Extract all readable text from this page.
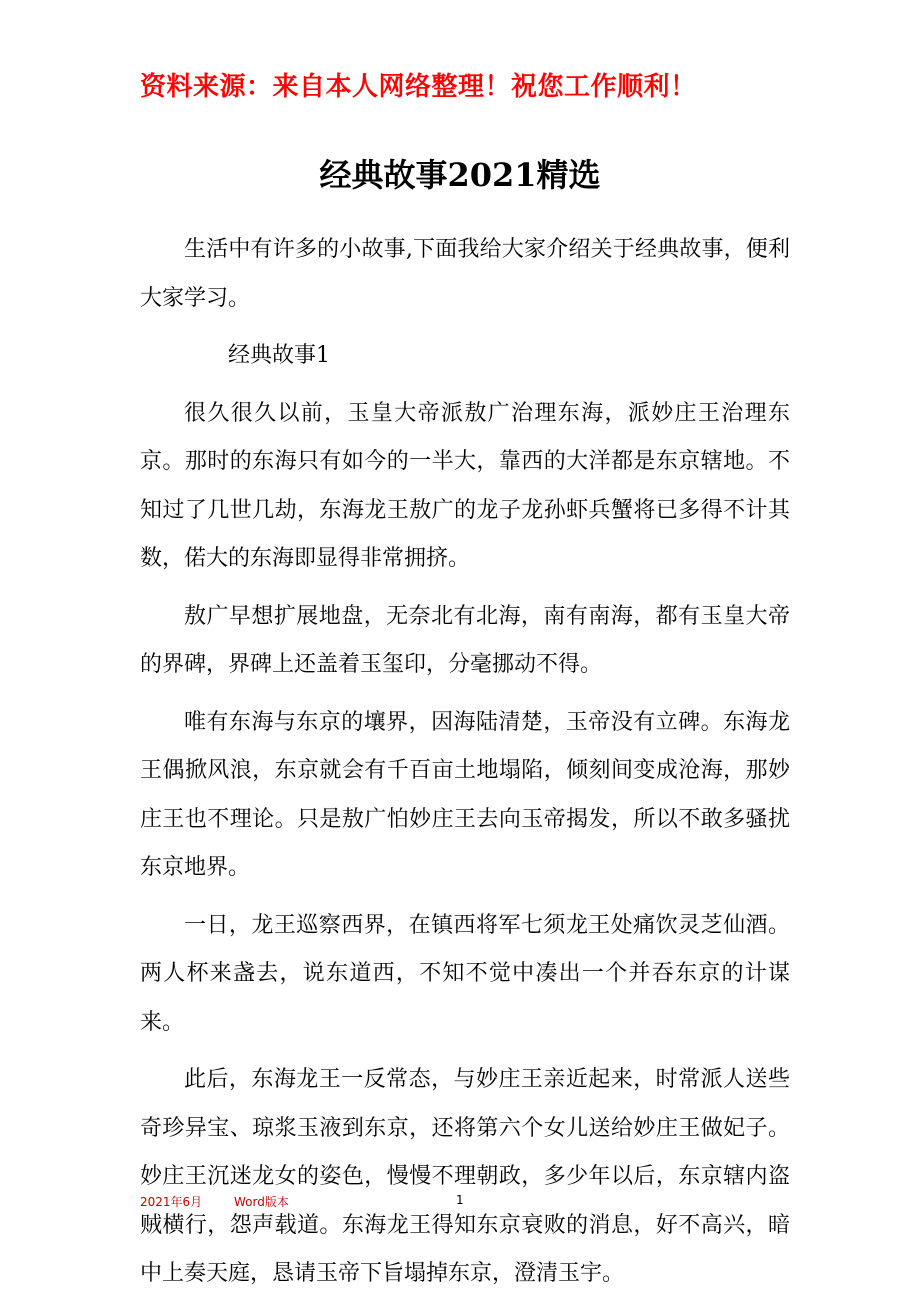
资料来源：来自本人网络整理！祝您工作顺利！
经典故事2021精选

生活中有许多的小故事,下面我给大家介绍关于经典故事，便利大家学习。

经典故事1

很久很久以前，玉皇大帝派敖广治理东海，派妙庄王治理东京。那时的东海只有如今的一半大，靠西的大洋都是东京辖地。不知过了几世几劫，东海龙王敖广的龙子龙孙虾兵蟹将已多得不计其数，偌大的东海即显得非常拥挤。

敖广早想扩展地盘，无奈北有北海，南有南海，都有玉皇大帝的界碑，界碑上还盖着玉玺印，分毫挪动不得。

唯有东海与东京的壤界，因海陆清楚，玉帝没有立碑。东海龙王偶掀风浪，东京就会有千百亩土地塌陷，倾刻间变成沧海，那妙庄王也不理论。只是敖广怕妙庄王去向玉帝揭发，所以不敢多骚扰东京地界。

一日，龙王巡察西界，在镇西将军七须龙王处痛饮灵芝仙酒。两人杯来盏去，说东道西，不知不觉中凑出一个并吞东京的计谋来。

此后，东海龙王一反常态，与妙庄王亲近起来，时常派人送些奇珍异宝、琼浆玉液到东京，还将第六个女儿送给妙庄王做妃子。妙庄王沉迷龙女的姿色，慢慢不理朝政，多少年以后，东京辖内盗贼横行，怨声载道。东海龙王得知东京衰败的消息，好不高兴，暗中上奏天庭，恳请玉帝下旨塌掉东京，澄清玉宇。

2021年6月	Word版本	1
